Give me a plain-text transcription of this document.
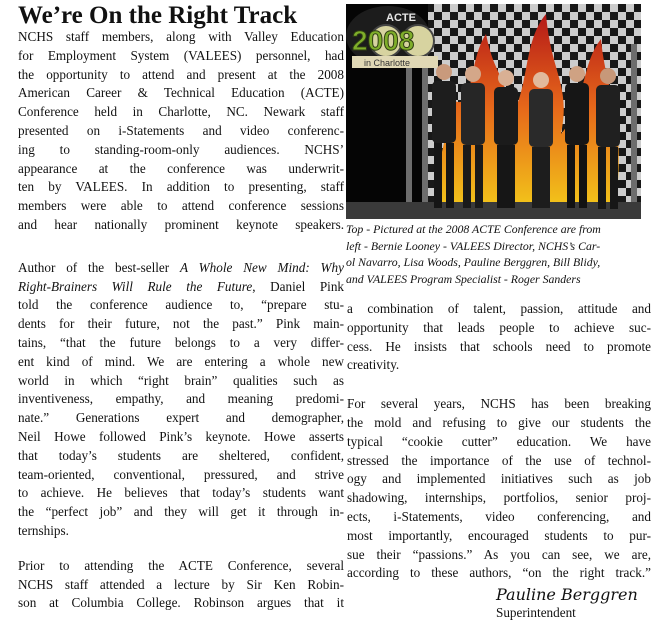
We’re On the Right Track

NCHS staff members, along with Valley Education
for Employment System (VALEES) personnel, had
the opportunity to attend and present at the 2008
American Career & Technical Education (ACTE)
Conference held in Charlotte, NC. Newark staff
presented on i-Statements and video conferenc-
ing to standing-room-only audiences. NCHS’
appearance at the conference was underwrit-
ten by VALEES. In addition to presenting, staff
members were able to attend conference sessions
and hear nationally prominent keynote speakers.

Author of the best-seller A Whole New Mind: Why
Right-Brainers Will Rule the Future, Daniel Pink
told the conference audience to, “prepare stu-
dents for their future, not the past.” Pink main-
tains, “that the future belongs to a very differ-
ent kind of mind. We are entering a whole new
world in which “right brain” qualities such as
inventiveness, empathy, and meaning predomi-
nate.” Generations expert and demographer,
Neil Howe followed Pink’s keynote. Howe asserts
that today’s students are sheltered, confident,
team-oriented, conventional, pressured, and strive
to achieve. He believes that today’s students want
the “perfect job” and they will get it through in-
ternships.

Prior to attending the ACTE Conference, several
NCHS staff attended a lecture by Sir Ken Robin-
son at Columbia College. Robinson argues that it

ACTE
2008
in Charlotte
Top - Pictured at the 2008 ACTE Conference are from
left - Bernie Looney - VALEES Director, NCHS’s Car-
ol Navarro, Lisa Woods, Pauline Berggren, Bill Blidy,
and VALEES Program Specialist - Roger Sanders

a combination of talent, passion, attitude and
opportunity that leads people to achieve suc-
cess. He insists that schools need to promote
creativity.

For several years, NCHS has been breaking
the mold and refusing to give our students the
typical “cookie cutter” education. We have
stressed the importance of the use of technol-
ogy and implemented initiatives such as job
shadowing, internships, portfolios, senior proj-
ects, i-Statements, video conferencing, and
most importantly, encouraged students to pur-
sue their “passions.” As you can see, we are,
according to these authors, “on the right track.”

Pauline Berggren
Superintendent
